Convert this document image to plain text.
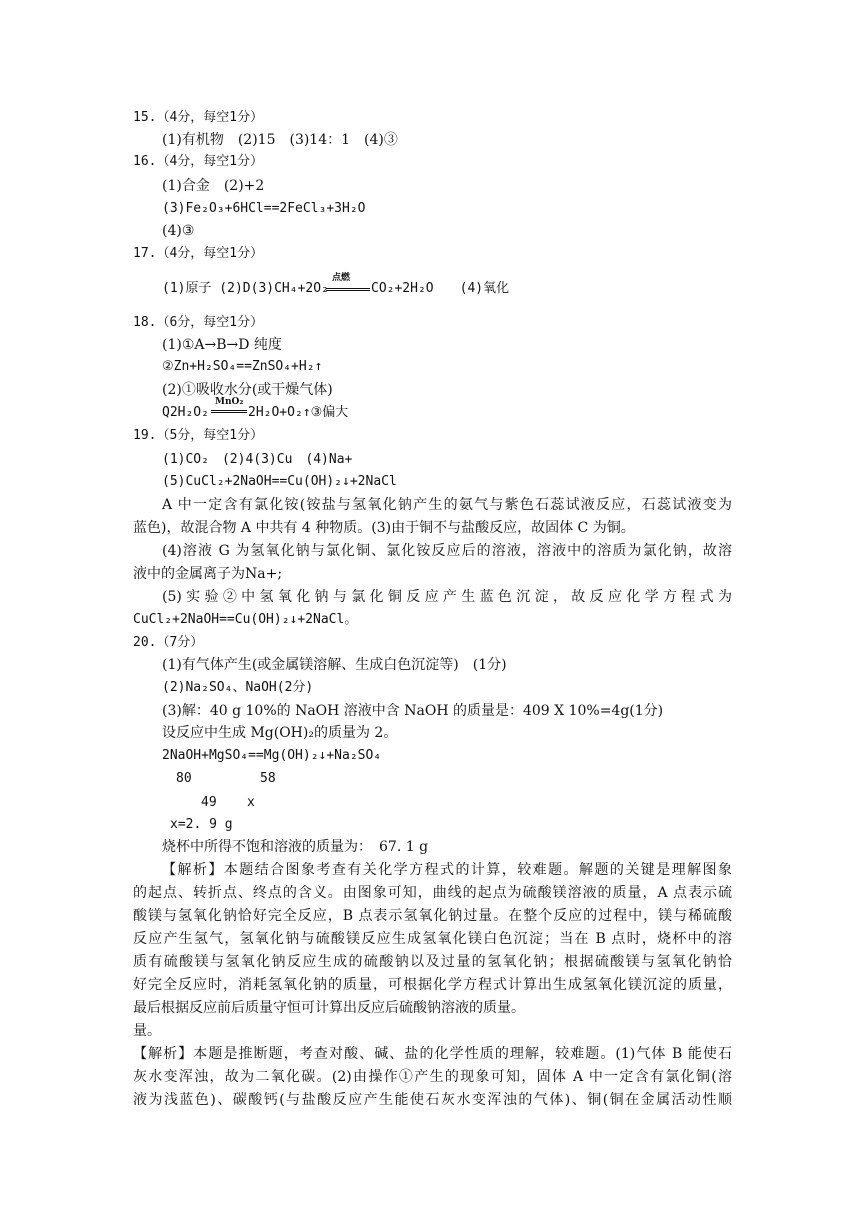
15.（4分，每空1分）
(1)有机物　(2)15　(3)14：1　(4)③
16.（4分，每空1分）
(1)合金　(2)+2
(3)Fe₂O₃+6HCl==2FeCl₃+3H₂O
(4)③
17.（4分，每空1分）
(1)原子 (2)D(3)CH₄+2O₂
点燃
CO₂+2H₂O　　(4)氧化
18.（6分，每空1分）
(1)①A→B→D 纯度
②Zn+H₂SO₄==ZnSO₄+H₂↑
(2)①吸收水分(或干燥气体)
Q2H₂O₂
MnO₂
2H₂O+O₂↑③偏大
19.（5分，每空1分）
(1)CO₂　(2)4(3)Cu　(4)Na+
(5)CuCl₂+2NaOH==Cu(OH)₂↓+2NaCl
A 中一定含有氯化铵(铵盐与氢氧化钠产生的氨气与紫色石蕊试液反应，石蕊试液变为
蓝色)，故混合物 A 中共有 4 种物质。(3)由于铜不与盐酸反应，故固体 C 为铜。
(4)溶液 G 为氢氧化钠与氯化铜、氯化铵反应后的溶液，溶液中的溶质为氯化钠，故溶
液中的金属离子为Na+;
(5)实验②中氢氧化钠与氯化铜反应产生蓝色沉淀，故反应化学方程式为
CuCl₂+2NaOH==Cu(OH)₂↓+2NaCl。
20.（7分）
(1)有气体产生(或金属镁溶解、生成白色沉淀等)　(1分)
(2)Na₂SO₄、NaOH(2分)
(3)解：40 g 10%的 NaOH 溶液中含 NaOH 的质量是：409 X 10%=4g(1分)
设反应中生成 Mg(OH)₂的质量为 2。
2NaOH+MgSO₄==Mg(OH)₂↓+Na₂SO₄
80	58
49 x
x=2. 9 g
烧杯中所得不饱和溶液的质量为：　67. 1 g
【解析】本题结合图象考查有关化学方程式的计算，较难题。解题的关键是理解图象
的起点、转折点、终点的含义。由图象可知，曲线的起点为硫酸镁溶液的质量，A 点表示硫
酸镁与氢氧化钠恰好完全反应，B 点表示氢氧化钠过量。在整个反应的过程中，镁与稀硫酸
反应产生氢气，氢氧化钠与硫酸镁反应生成氢氧化镁白色沉淀；当在 B 点时，烧杯中的溶
质有硫酸镁与氢氧化钠反应生成的硫酸钠以及过量的氢氧化钠；根据硫酸镁与氢氧化钠恰
好完全反应时，消耗氢氧化钠的质量，可根据化学方程式计算出生成氢氧化镁沉淀的质量，
最后根据反应前后质量守恒可计算出反应后硫酸钠溶液的质量。
量。
【解析】本题是推断题，考查对酸、碱、盐的化学性质的理解，较难题。(1)气体 B 能使石
灰水变浑浊，故为二氧化碳。(2)由操作①产生的现象可知，固体 A 中一定含有氯化铜(溶
液为浅蓝色)、碳酸钙(与盐酸反应产生能使石灰水变浑浊的气体)、铜(铜在金属活动性顺
